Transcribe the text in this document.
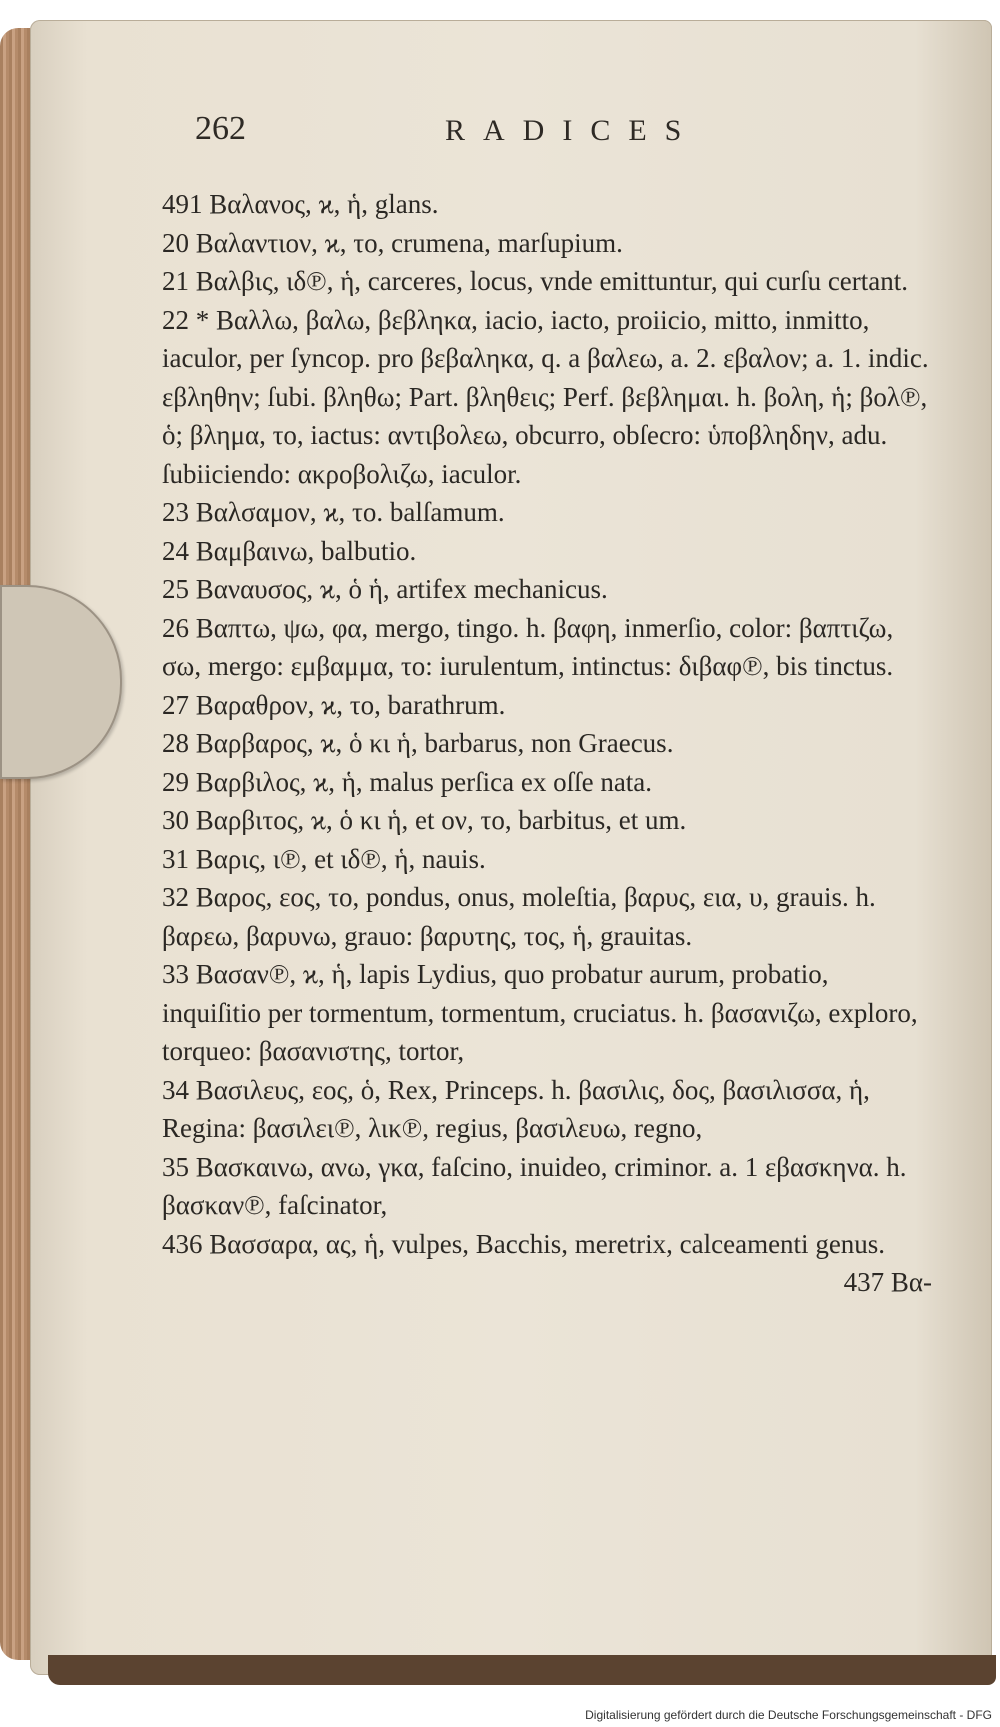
262	RADICES

491 Βαλανος, ϰ, ἡ, glans.

20 Βαλαντιον, ϰ, το, crumena, marſupium.

21 Βαλβις, ιδ℗, ἡ, carceres, locus, vnde emittuntur, qui curſu certant.

22 * Βαλλω, βαλω, βεβληκα, iacio, iacto, proiicio, mitto, inmitto, iaculor, per ſyncop. pro βεβαληκα, q. a βαλεω, a. 2. εβαλον; a. 1. indic. εβληθην; ſubi. βληθω; Part. βληθεις; Perf. βεβλημαι. h. βολη, ἡ; βολ℗, ὁ; βλημα, το, iactus: αντιβολεω, obcurro, obſecro: ὑποβληδην, adu. ſubiiciendo: ακροβολιζω, iaculor.

23 Βαλσαμον, ϰ, το. balſamum.

24 Βαμβαινω, balbutio.

25 Βαναυσος, ϰ, ὁ ἡ, artifex mechanicus.

26 Βαπτω, ψω, φα, mergo, tingo. h. βαφη, inmerſio, color: βαπτιζω, σω, mergo: εμβαμμα, το: iurulentum, intinctus: διβαφ℗, bis tinctus.

27 Βαραθρον, ϰ, το, barathrum.

28 Βαρβαρος, ϰ, ὁ κι ἡ, barbarus, non Graecus.

29 Βαρβιλος, ϰ, ἡ, malus perſica ex oſſe nata.

30 Βαρβιτος, ϰ, ὁ κι ἡ, et ον, το, barbitus, et um.

31 Βαρις, ι℗, et ιδ℗, ἡ, nauis.

32 Βαρος, εος, το, pondus, onus, moleſtia, βαρυς, εια, υ, grauis. h. βαρεω, βαρυνω, grauo: βαρυτης, τος, ἡ, grauitas.

33 Βασαν℗, ϰ, ἡ, lapis Lydius, quo probatur aurum, probatio, inquiſitio per tormentum, tormentum, cruciatus. h. βασανιζω, exploro, torqueo: βασανιστης, tortor,

34 Βασιλευς, εος, ὁ, Rex, Princeps. h. βασιλις, δος, βασιλισσα, ἡ, Regina: βασιλει℗, λικ℗, regius, βασιλευω, regno,

35 Βασκαινω, ανω, γκα, faſcino, inuideo, criminor. a. 1 εβασκηνα. h. βασκαν℗, faſcinator,

436 Βασσαρα, ας, ἡ, vulpes, Bacchis, meretrix, calceamenti genus.

437 Βα-
Digitalisierung gefördert durch die Deutsche Forschungsgemeinschaft - DFG
